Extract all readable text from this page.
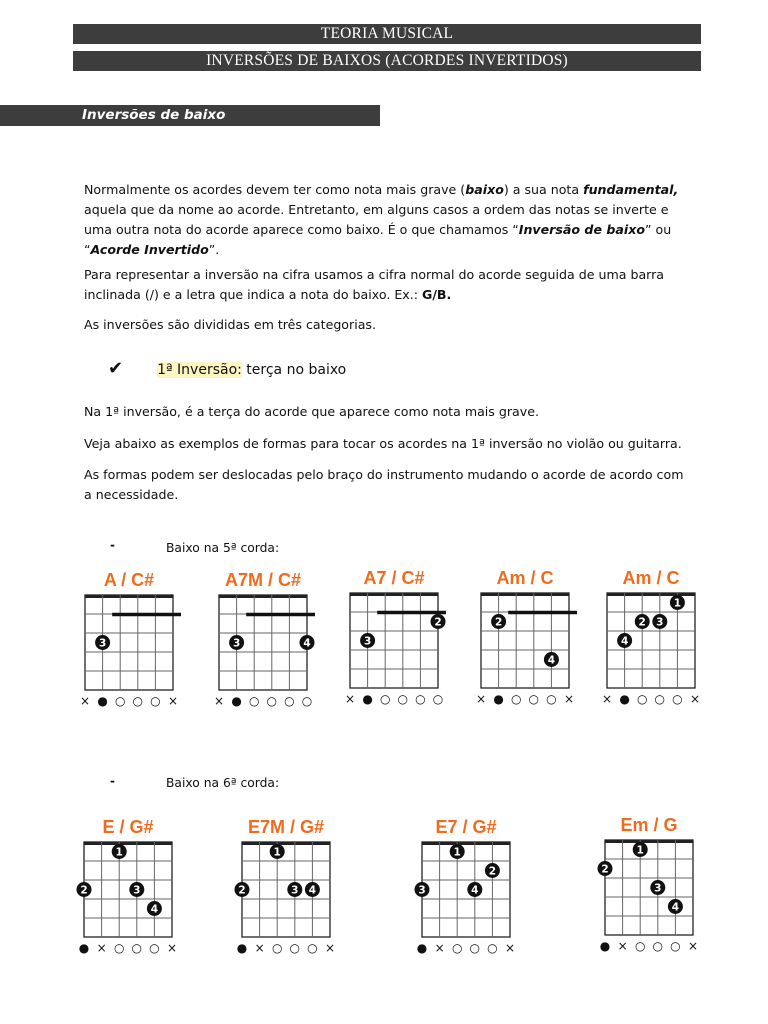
TEORIA MUSICAL
INVERSÕES DE BAIXOS (ACORDES INVERTIDOS)
Inversões de baixo

Normalmente os acordes devem ter como nota mais grave (baixo) a sua nota fundamental,
aquela que da nome ao acorde. Entretanto, em alguns casos a ordem das notas se inverte e
uma outra nota do acorde aparece como baixo. É o que chamamos “Inversão de baixo” ou
“Acorde Invertido”.

Para representar a inversão na cifra usamos a cifra normal do acorde seguida de uma barra
inclinada (/) e a letra que indica a nota do baixo. Ex.: G/B.

As inversões são divididas em três categorias.

✔ 1ª Inversão: terça no baixo

Na 1ª inversão, é a terça do acorde que aparece como nota mais grave.

Veja abaixo as exemplos de formas para tocar os acordes na 1ª inversão no violão ou guitarra.

As formas podem ser deslocadas pelo braço do instrumento mudando o acorde de acordo com
a necessidade.

-	Baixo na 5ª corda:
-	Baixo na 6ª corda:
A / C#
3
× ● ○ ○ ○ ×
A7M / C#
3	4
× ● ○ ○ ○ ○
A7 / C#
2
3
× ● ○ ○ ○ ○
Am / C
2
4
× ● ○ ○ ○ ×
Am / C
1
2 3
4
× ● ○ ○ ○ ×
E / G#
1
2	3
4
● × ○ ○ ○ ×
E7M / G#
1
2	3 4
● × ○ ○ ○ ×
E7 / G#
1
2
3	4
● × ○ ○ ○ ×
Em / G
1
2
3
4
● × ○ ○ ○ ×
